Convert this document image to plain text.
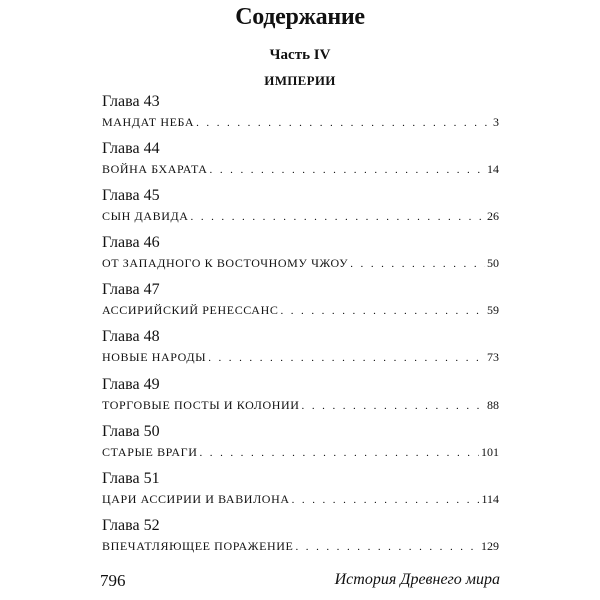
Содержание
Часть IV
ИМПЕРИИ
Глава 43
МАНДАТ НЕБА . . .	3
Глава 44
ВОЙНА БХАРАТА . . .	14
Глава 45
СЫН ДАВИДА . . .	26
Глава 46
ОТ ЗАПАДНОГО К ВОСТОЧНОМУ ЧЖОУ . . .	50
Глава 47
АССИРИЙСКИЙ РЕНЕССАНС . . .	59
Глава 48
НОВЫЕ НАРОДЫ . . .	73
Глава 49
ТОРГОВЫЕ ПОСТЫ И КОЛОНИИ . . .	88
Глава 50
СТАРЫЕ ВРАГИ . . .	101
Глава 51
ЦАРИ АССИРИИ И ВАВИЛОНА . . .	114
Глава 52
ВПЕЧАТЛЯЮЩЕЕ ПОРАЖЕНИЕ . . .	129
796	История Древнего мира
